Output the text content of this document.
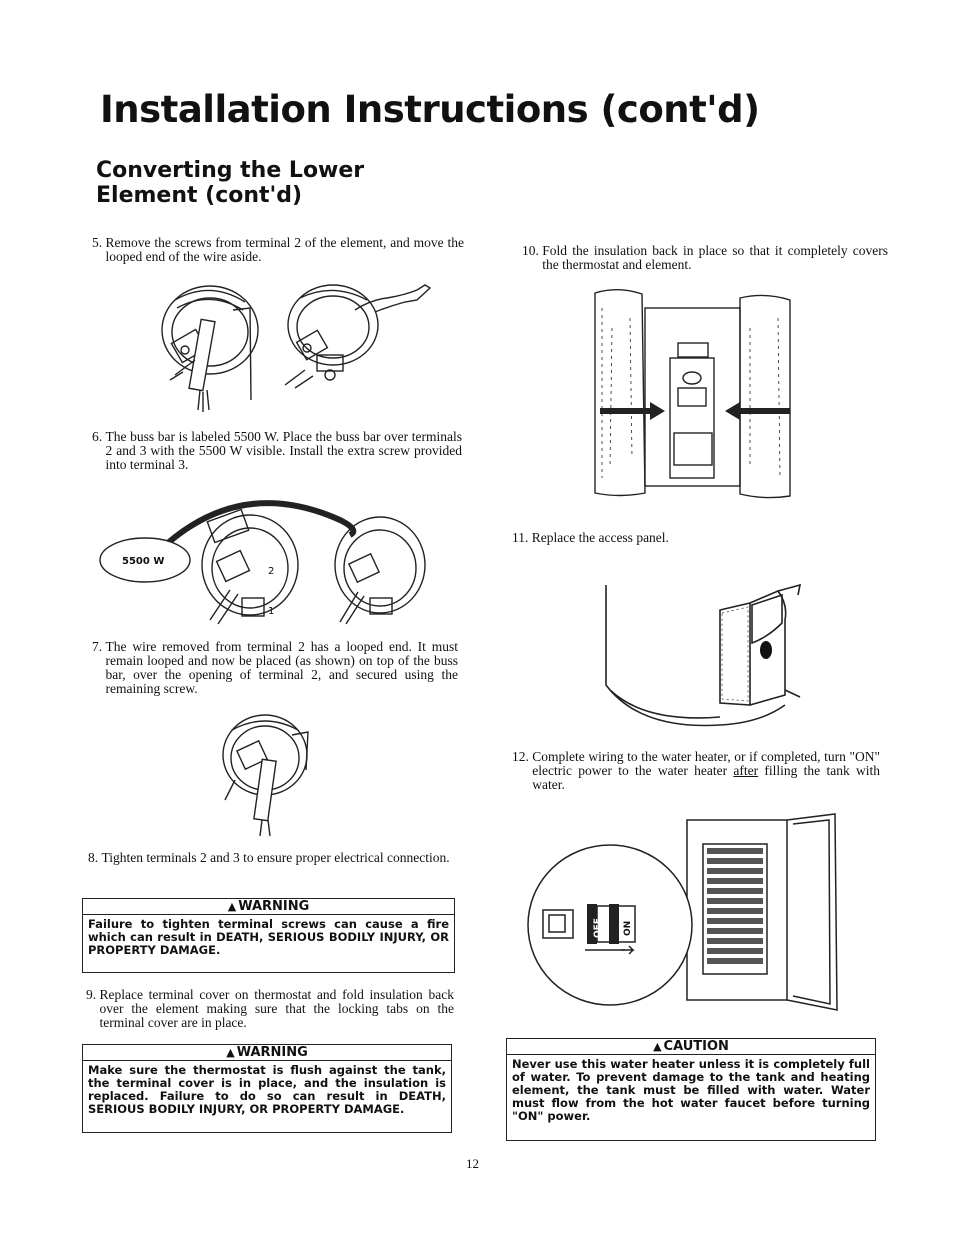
Installation Instructions (cont'd)
Converting the Lower Element (cont'd)
5. Remove the screws from terminal 2 of the element, and move the looped end of the wire aside.
6. The buss bar is labeled 5500 W. Place the buss bar over terminals 2 and 3 with the 5500 W visible. Install the extra screw provided into terminal 3.
5500 W
2
1
7. The wire removed from terminal 2 has a looped end. It must remain looped and now be placed (as shown) on top of the buss bar, over the opening of terminal 2, and secured using the remaining screw.
8. Tighten terminals 2 and 3 to ensure proper electrical connection.
▲ WARNING
Failure to tighten terminal screws can cause a fire which can result in DEATH, SERIOUS BODILY INJURY, OR PROPERTY DAMAGE.
9. Replace terminal cover on thermostat and fold insulation back over the element making sure that the locking tabs on the terminal cover are in place.
▲ WARNING
Make sure the thermostat is flush against the tank, the terminal cover is in place, and the insulation is replaced. Failure to do so can result in DEATH, SERIOUS BODILY INJURY, OR PROPERTY DAMAGE.
10. Fold the insulation back in place so that it completely covers the thermostat and element.
11. Replace the access panel.
12. Complete wiring to the water heater, or if completed, turn "ON" electric power to the water heater after filling the tank with water.
OFF ON
▲ CAUTION
Never use this water heater unless it is completely full of water. To prevent damage to the tank and heating element, the tank must be filled with water. Water must flow from the hot water faucet before turning "ON" power.
12
